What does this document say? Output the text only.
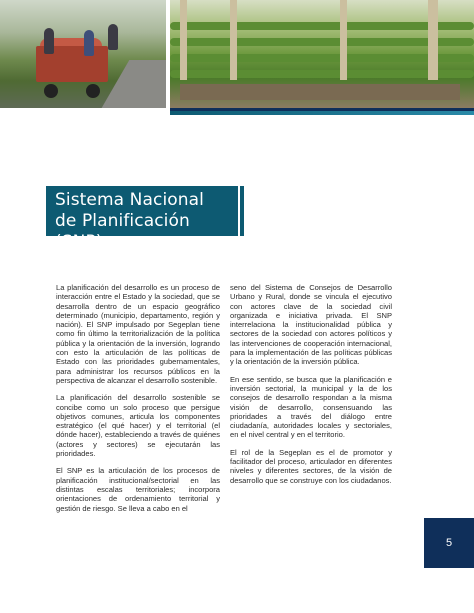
Sistema Nacional
de Planificación (SNP)

La planificación del desarrollo es un proceso de interacción entre el Estado y la sociedad, que se desarrolla dentro de un espacio geográfico determinado (municipio, departamento, región y nación). El SNP impulsado por Segeplan tiene como fin último la territorialización de la política pública y la orientación de la inversión, logrando con esto la articulación de las políticas de Estado con las prioridades gubernamentales, para administrar los recursos públicos en la perspectiva de alcanzar el desarrollo sostenible.

La planificación del desarrollo sostenible se concibe como un solo proceso que persigue objetivos comunes, articula los componentes estratégico (el qué hacer) y el territorial (el dónde hacer), estableciendo a través de quiénes (actores y sectores) se ejecutarán las prioridades.

El SNP es la articulación de los procesos de planificación institucional/sectorial en las distintas escalas territoriales; incorpora orientaciones de ordenamiento territorial y gestión de riesgo. Se lleva a cabo en el

seno del Sistema de Consejos de Desarrollo Urbano y Rural, donde se vincula el ejecutivo con actores clave de la sociedad civil organizada e iniciativa privada. El SNP interrelaciona la institucionalidad pública y sectores de la sociedad con actores políticos y las intervenciones de cooperación internacional, para la implementación de las políticas públicas y la orientación de la inversión pública.

En ese sentido, se busca que la planificación e inversión sectorial, la municipal y la de los consejos de desarrollo respondan a la misma visión de desarrollo, consensuando las prioridades a través del diálogo entre ciudadanía, autoridades locales y sectoriales, en el nivel central y en el territorio.

El rol de la Segeplan es el de promotor y facilitador del proceso, articulador en diferentes niveles y diferentes sectores, de la visión de desarrollo que se construye con los ciudadanos.

5
